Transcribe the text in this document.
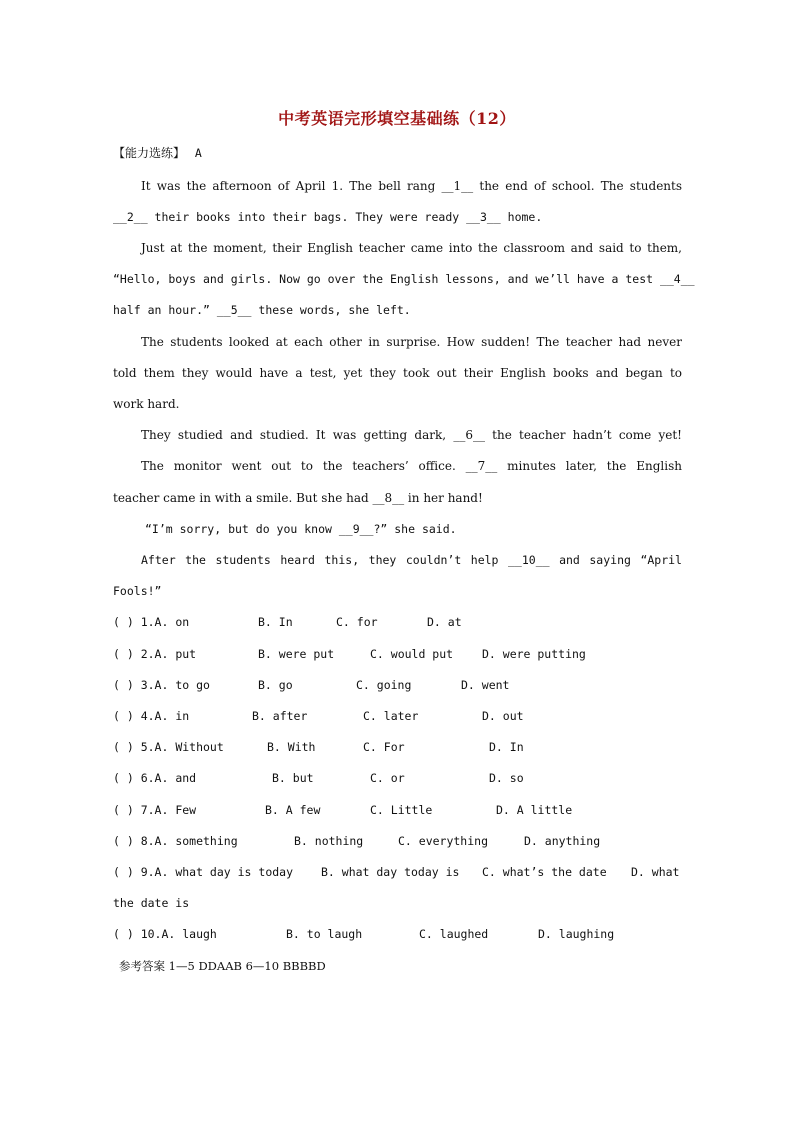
中考英语完形填空基础练（12）
【能力选练】 A
It was the afternoon of April 1. The bell rang __1__ the end of school. The students
__2__ their books into their bags. They were ready __3__ home.
Just at the moment, their English teacher came into the classroom and said to them,
“Hello, boys and girls. Now go over the English lessons, and we’ll have a test __4__
half an hour.” __5__ these words, she left.
The students looked at each other in surprise. How sudden! The teacher had never
told them they would have a test, yet they took out their English books and began to
work hard.
They studied and studied. It was getting dark, __6__ the teacher hadn’t come yet!
The monitor went out to the teachers’ office. __7__ minutes later, the English
teacher came in with a smile. But she had __8__ in her hand!
“I’m sorry, but do you know __9__?” she said.
After the students heard this, they couldn’t help __10__ and saying “April
Fools!”
( ) 1.A. on	B. In	C. for	D. at
( ) 2.A. put	B. were put	C. would put	D. were putting
( ) 3.A. to go	B. go	C. going	D. went
( ) 4.A. in	B. after	C. later	D. out
( ) 5.A. Without	B. With	C. For	D. In
( ) 6.A. and	B. but	C. or	D. so
( ) 7.A. Few	B. A few	C. Little	D. A little
( ) 8.A. something	B. nothing	C. everything	D. anything
( ) 9.A. what day is today B. what day today is C. what’s the date D. what
the date is
( ) 10.A. laugh	B. to laugh	C. laughed	D. laughing
参考答案 1—5 DDAAB 6—10 BBBBD
